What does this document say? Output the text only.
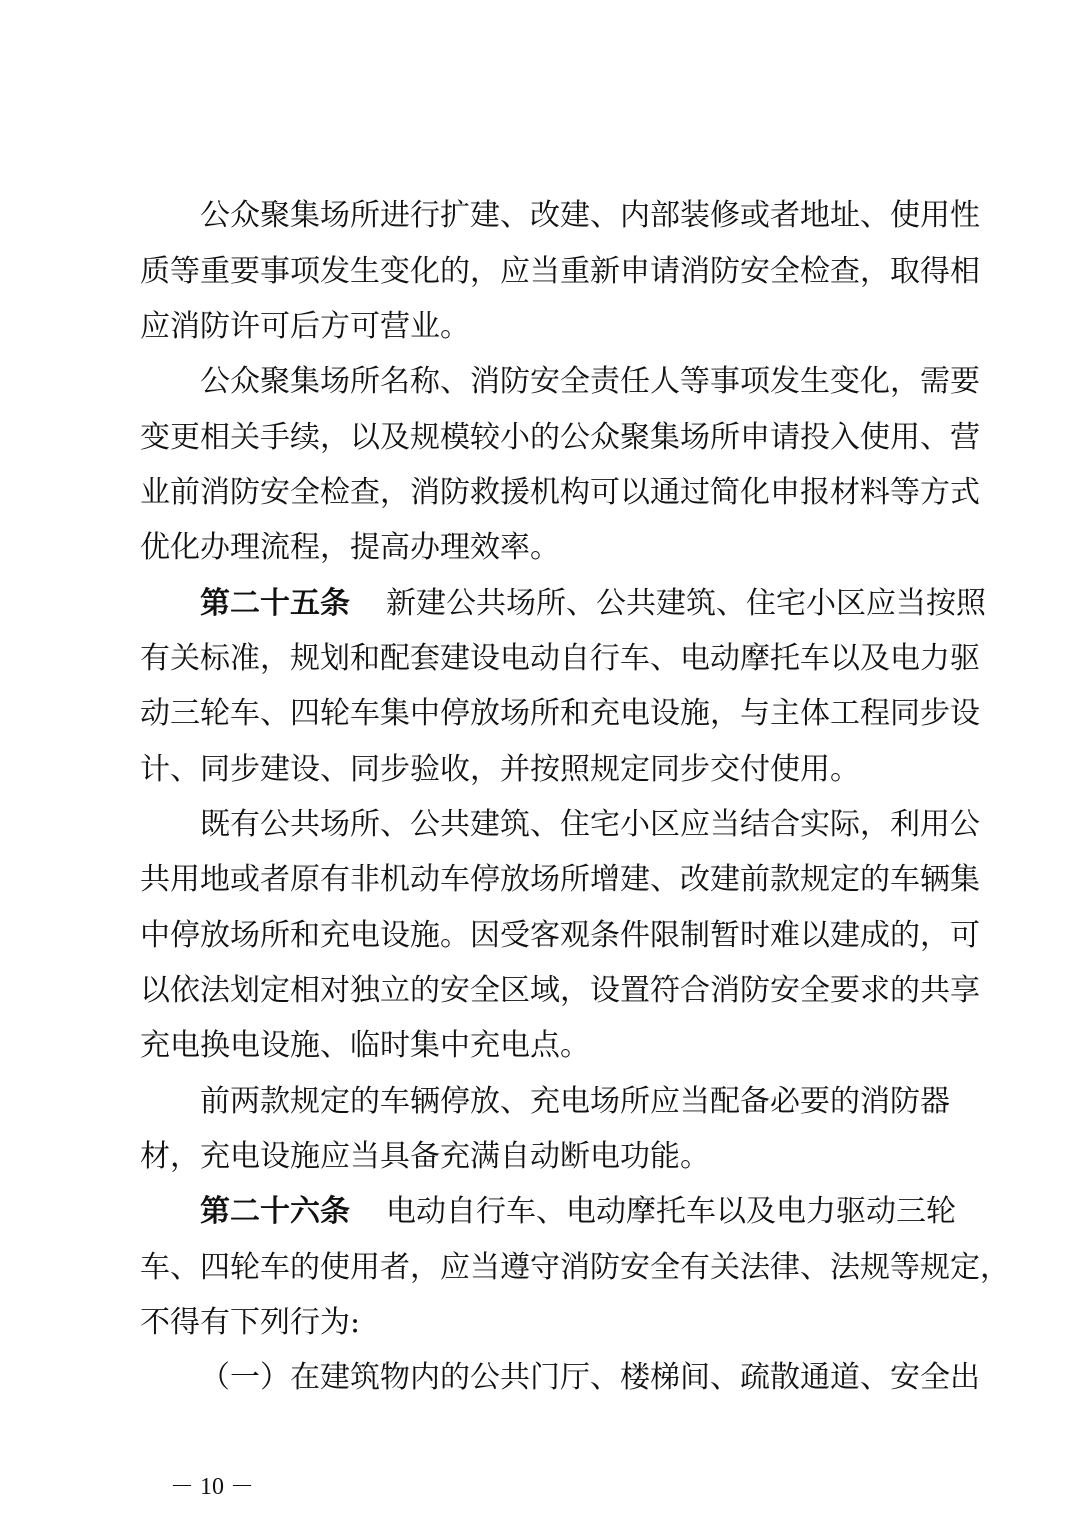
公众聚集场所进行扩建、改建、内部装修或者地址、使用性
质等重要事项发生变化的，应当重新申请消防安全检查，取得相
应消防许可后方可营业。
公众聚集场所名称、消防安全责任人等事项发生变化，需要
变更相关手续，以及规模较小的公众聚集场所申请投入使用、营
业前消防安全检查，消防救援机构可以通过简化申报材料等方式
优化办理流程，提高办理效率。
第二十五条 新建公共场所、公共建筑、住宅小区应当按照
有关标准，规划和配套建设电动自行车、电动摩托车以及电力驱
动三轮车、四轮车集中停放场所和充电设施，与主体工程同步设
计、同步建设、同步验收，并按照规定同步交付使用。
既有公共场所、公共建筑、住宅小区应当结合实际，利用公
共用地或者原有非机动车停放场所增建、改建前款规定的车辆集
中停放场所和充电设施。因受客观条件限制暂时难以建成的，可
以依法划定相对独立的安全区域，设置符合消防安全要求的共享
充电换电设施、临时集中充电点。
前两款规定的车辆停放、充电场所应当配备必要的消防器
材，充电设施应当具备充满自动断电功能。
第二十六条 电动自行车、电动摩托车以及电力驱动三轮
车、四轮车的使用者，应当遵守消防安全有关法律、法规等规定，
不得有下列行为:
（一）在建筑物内的公共门厅、楼梯间、疏散通道、安全出
－ 10 －
